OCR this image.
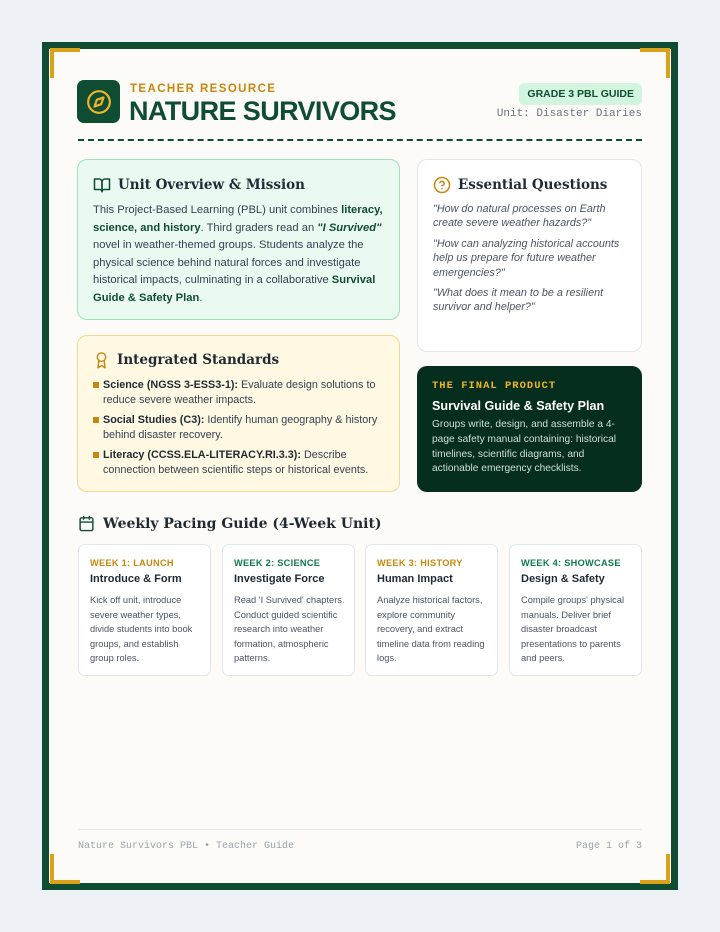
TEACHER RESOURCE
NATURE SURVIVORS
GRADE 3 PBL GUIDE
Unit: Disaster Diaries
Unit Overview & Mission
This Project-Based Learning (PBL) unit combines literacy, science, and history. Third graders read an "I Survived" novel in weather-themed groups. Students analyze the physical science behind natural forces and investigate historical impacts, culminating in a collaborative Survival Guide & Safety Plan.
Essential Questions
"How do natural processes on Earth create severe weather hazards?"
"How can analyzing historical accounts help us prepare for future weather emergencies?"
"What does it mean to be a resilient survivor and helper?"
Integrated Standards
Science (NGSS 3-ESS3-1): Evaluate design solutions to reduce severe weather impacts.
Social Studies (C3): Identify human geography & history behind disaster recovery.
Literacy (CCSS.ELA-LITERACY.RI.3.3): Describe connection between scientific steps or historical events.
THE FINAL PRODUCT
Survival Guide & Safety Plan
Groups write, design, and assemble a 4-page safety manual containing: historical timelines, scientific diagrams, and actionable emergency checklists.
Weekly Pacing Guide (4-Week Unit)
WEEK 1: LAUNCH
Introduce & Form
Kick off unit, introduce severe weather types, divide students into book groups, and establish group roles.
WEEK 2: SCIENCE
Investigate Force
Read 'I Survived' chapters. Conduct guided scientific research into weather formation, atmospheric patterns.
WEEK 3: HISTORY
Human Impact
Analyze historical factors, explore community recovery, and extract timeline data from reading logs.
WEEK 4: SHOWCASE
Design & Safety
Compile groups' physical manuals. Deliver brief disaster broadcast presentations to parents and peers.
Nature Survivors PBL • Teacher Guide	Page 1 of 3
